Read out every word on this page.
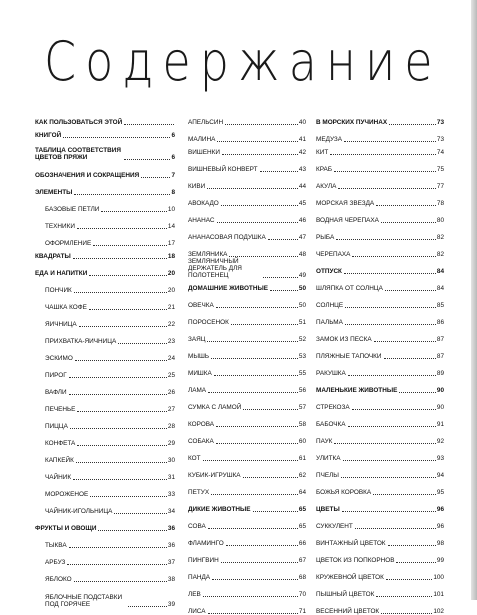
Содержание
КАК ПОЛЬЗОВАТЬСЯ ЭТОЙ
КНИГОЙ	6
ТАБЛИЦА СООТВЕТСТВИЯ ЦВЕТОВ ПРЯЖИ	6
ОБОЗНАЧЕНИЯ И СОКРАЩЕНИЯ	7
ЭЛЕМЕНТЫ	8
БАЗОВЫЕ ПЕТЛИ	10
ТЕХНИКИ	14
ОФОРМЛЕНИЕ	17
КВАДРАТЫ	18
ЕДА И НАПИТКИ	20
ПОНЧИК	20
ЧАШКА КОФЕ	21
ЯИЧНИЦА	22
ПРИХВАТКА-ЯИЧНИЦА	23
ЭСКИМО	24
ПИРОГ	25
ВАФЛИ	26
ПЕЧЕНЬЕ	27
ПИЦЦА	28
КОНФЕТА	29
КАПКЕЙК	30
ЧАЙНИК	31
МОРОЖЕНОЕ	33
ЧАЙНИК-ИГОЛЬНИЦА	34
ФРУКТЫ И ОВОЩИ	36
ТЫКВА	36
АРБУЗ	37
ЯБЛОКО	38
ЯБЛОЧНЫЕ ПОДСТАВКИ ПОД ГОРЯЧЕЕ	39
АПЕЛЬСИН	40
МАЛИНА	41
ВИШЕНКИ	42
ВИШНЕВЫЙ КОНВЕРТ	43
КИВИ	44
АВОКАДО	45
АНАНАС	46
АНАНАСОВАЯ ПОДУШКА	47
ЗЕМЛЯНИКА	48
ЗЕМЛЯНИЧНЫЙ ДЕРЖАТЕЛЬ ДЛЯ ПОЛОТЕНЕЦ	49
ДОМАШНИЕ ЖИВОТНЫЕ	50
ОВЕЧКА	50
ПОРОСЕНОК	51
ЗАЯЦ	52
МЫШЬ	53
МИШКА	55
ЛАМА	56
СУМКА С ЛАМОЙ	57
КОРОВА	58
СОБАКА	60
КОТ	61
КУБИК-ИГРУШКА	62
ПЕТУХ	64
ДИКИЕ ЖИВОТНЫЕ	65
СОВА	65
ФЛАМИНГО	66
ПИНГВИН	67
ПАНДА	68
ЛЕВ	70
ЛИСА	71
В МОРСКИХ ПУЧИНАХ	73
МЕДУЗА	73
КИТ	74
КРАБ	75
АКУЛА	77
МОРСКАЯ ЗВЕЗДА	78
ВОДНАЯ ЧЕРЕПАХА	80
РЫБА	82
ЧЕРЕПАХА	82
ОТПУСК	84
ШЛЯПКА ОТ СОЛНЦА	84
СОЛНЦЕ	85
ПАЛЬМА	86
ЗАМОК ИЗ ПЕСКА	87
ПЛЯЖНЫЕ ТАПОЧКИ	87
РАКУШКА	89
МАЛЕНЬКИЕ ЖИВОТНЫЕ	90
СТРЕКОЗА	90
БАБОЧКА	91
ПАУК	92
УЛИТКА	93
ПЧЕЛЫ	94
БОЖЬЯ КОРОВКА	95
ЦВЕТЫ	96
СУККУЛЕНТ	96
ВИНТАЖНЫЙ ЦВЕТОК	98
ЦВЕТОК ИЗ ПОПКОРНОВ	99
КРУЖЕВНОЙ ЦВЕТОК	100
ПЫШНЫЙ ЦВЕТОК	101
ВЕСЕННИЙ ЦВЕТОК	102
